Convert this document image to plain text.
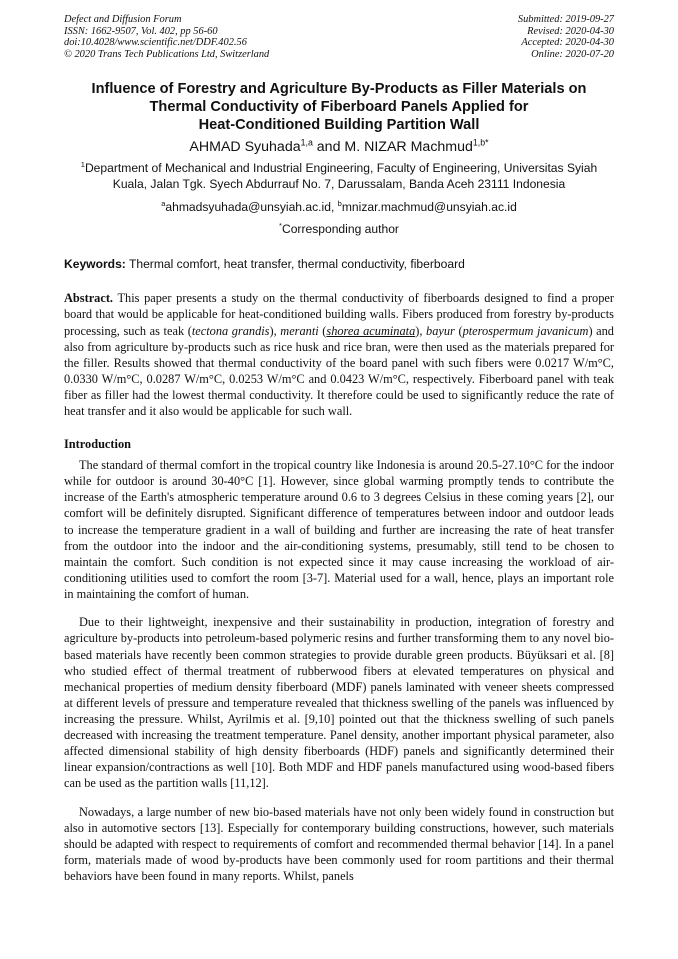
Defect and Diffusion Forum
ISSN: 1662-9507, Vol. 402, pp 56-60
doi:10.4028/www.scientific.net/DDF.402.56
© 2020 Trans Tech Publications Ltd, Switzerland
Submitted: 2019-09-27
Revised: 2020-04-30
Accepted: 2020-04-30
Online: 2020-07-20
Influence of Forestry and Agriculture By-Products as Filler Materials on
Thermal Conductivity of Fiberboard Panels Applied for
Heat-Conditioned Building Partition Wall
AHMAD Syuhada$^{1,a}$ and M. NIZAR Machmud$^{1,b*}$
$^1$Department of Mechanical and Industrial Engineering, Faculty of Engineering, Universitas Syiah
Kuala, Jalan Tgk. Syech Abdurrauf No. 7, Darussalam, Banda Aceh 23111 Indonesia
$^a$ahmadsyuhada@unsyiah.ac.id, $^b$mnizar.machmud@unsyiah.ac.id
*Corresponding author
Keywords: Thermal comfort, heat transfer, thermal conductivity, fiberboard
Abstract. This paper presents a study on the thermal conductivity of fiberboards designed to find a proper board that would be applicable for heat-conditioned building walls. Fibers produced from forestry by-products processing, such as teak (tectona grandis), meranti (shorea acuminata), bayur (pterospermum javanicum) and also from agriculture by-products such as rice husk and rice bran, were then used as the materials prepared for the filler. Results showed that thermal conductivity of the board panel with such fibers were 0.0217 W/m°C, 0.0330 W/m°C, 0.0287 W/m°C, 0.0253 W/m°C and 0.0423 W/m°C, respectively. Fiberboard panel with teak fiber as filler had the lowest thermal conductivity. It therefore could be used to significantly reduce the rate of heat transfer and it also would be applicable for such wall.
Introduction

The standard of thermal comfort in the tropical country like Indonesia is around 20.5-27.10°C for the indoor while for outdoor is around 30-40°C [1]. However, since global warming promptly tends to contribute the increase of the Earth's atmospheric temperature around 0.6 to 3 degrees Celsius in these coming years [2], our comfort will be definitely disrupted. Significant difference of temperatures between indoor and outdoor leads to increase the temperature gradient in a wall of building and further are increasing the rate of heat transfer from the outdoor into the indoor and the air-conditioning systems, presumably, still tend to be chosen to maintain the comfort. Such condition is not expected since it may cause increasing the workload of air-conditioning utilities used to comfort the room [3-7]. Material used for a wall, hence, plays an important role in maintaining the comfort of human.

Due to their lightweight, inexpensive and their sustainability in production, integration of forestry and agriculture by-products into petroleum-based polymeric resins and further transforming them to any novel bio-based materials have recently been common strategies to provide durable green products. Büyüksari et al. [8] who studied effect of thermal treatment of rubberwood fibers at elevated temperatures on physical and mechanical properties of medium density fiberboard (MDF) panels laminated with veneer sheets compressed at different levels of pressure and temperature revealed that thickness swelling of the panels was influenced by increasing the pressure. Whilst, Ayrilmis et al. [9,10] pointed out that the thickness swelling of such panels decreased with increasing the treatment temperature. Panel density, another important physical parameter, also affected dimensional stability of high density fiberboards (HDF) panels and significantly determined their linear expansion/contractions as well [10]. Both MDF and HDF panels manufactured using wood-based fibers can be used as the partition walls [11,12].

Nowadays, a large number of new bio-based materials have not only been widely found in construction but also in automotive sectors [13]. Especially for contemporary building constructions, however, such materials should be adapted with respect to requirements of comfort and recommended thermal behavior [14]. In a panel form, materials made of wood by-products have been commonly used for room partitions and their thermal behaviors have been found in many reports. Whilst, panels
